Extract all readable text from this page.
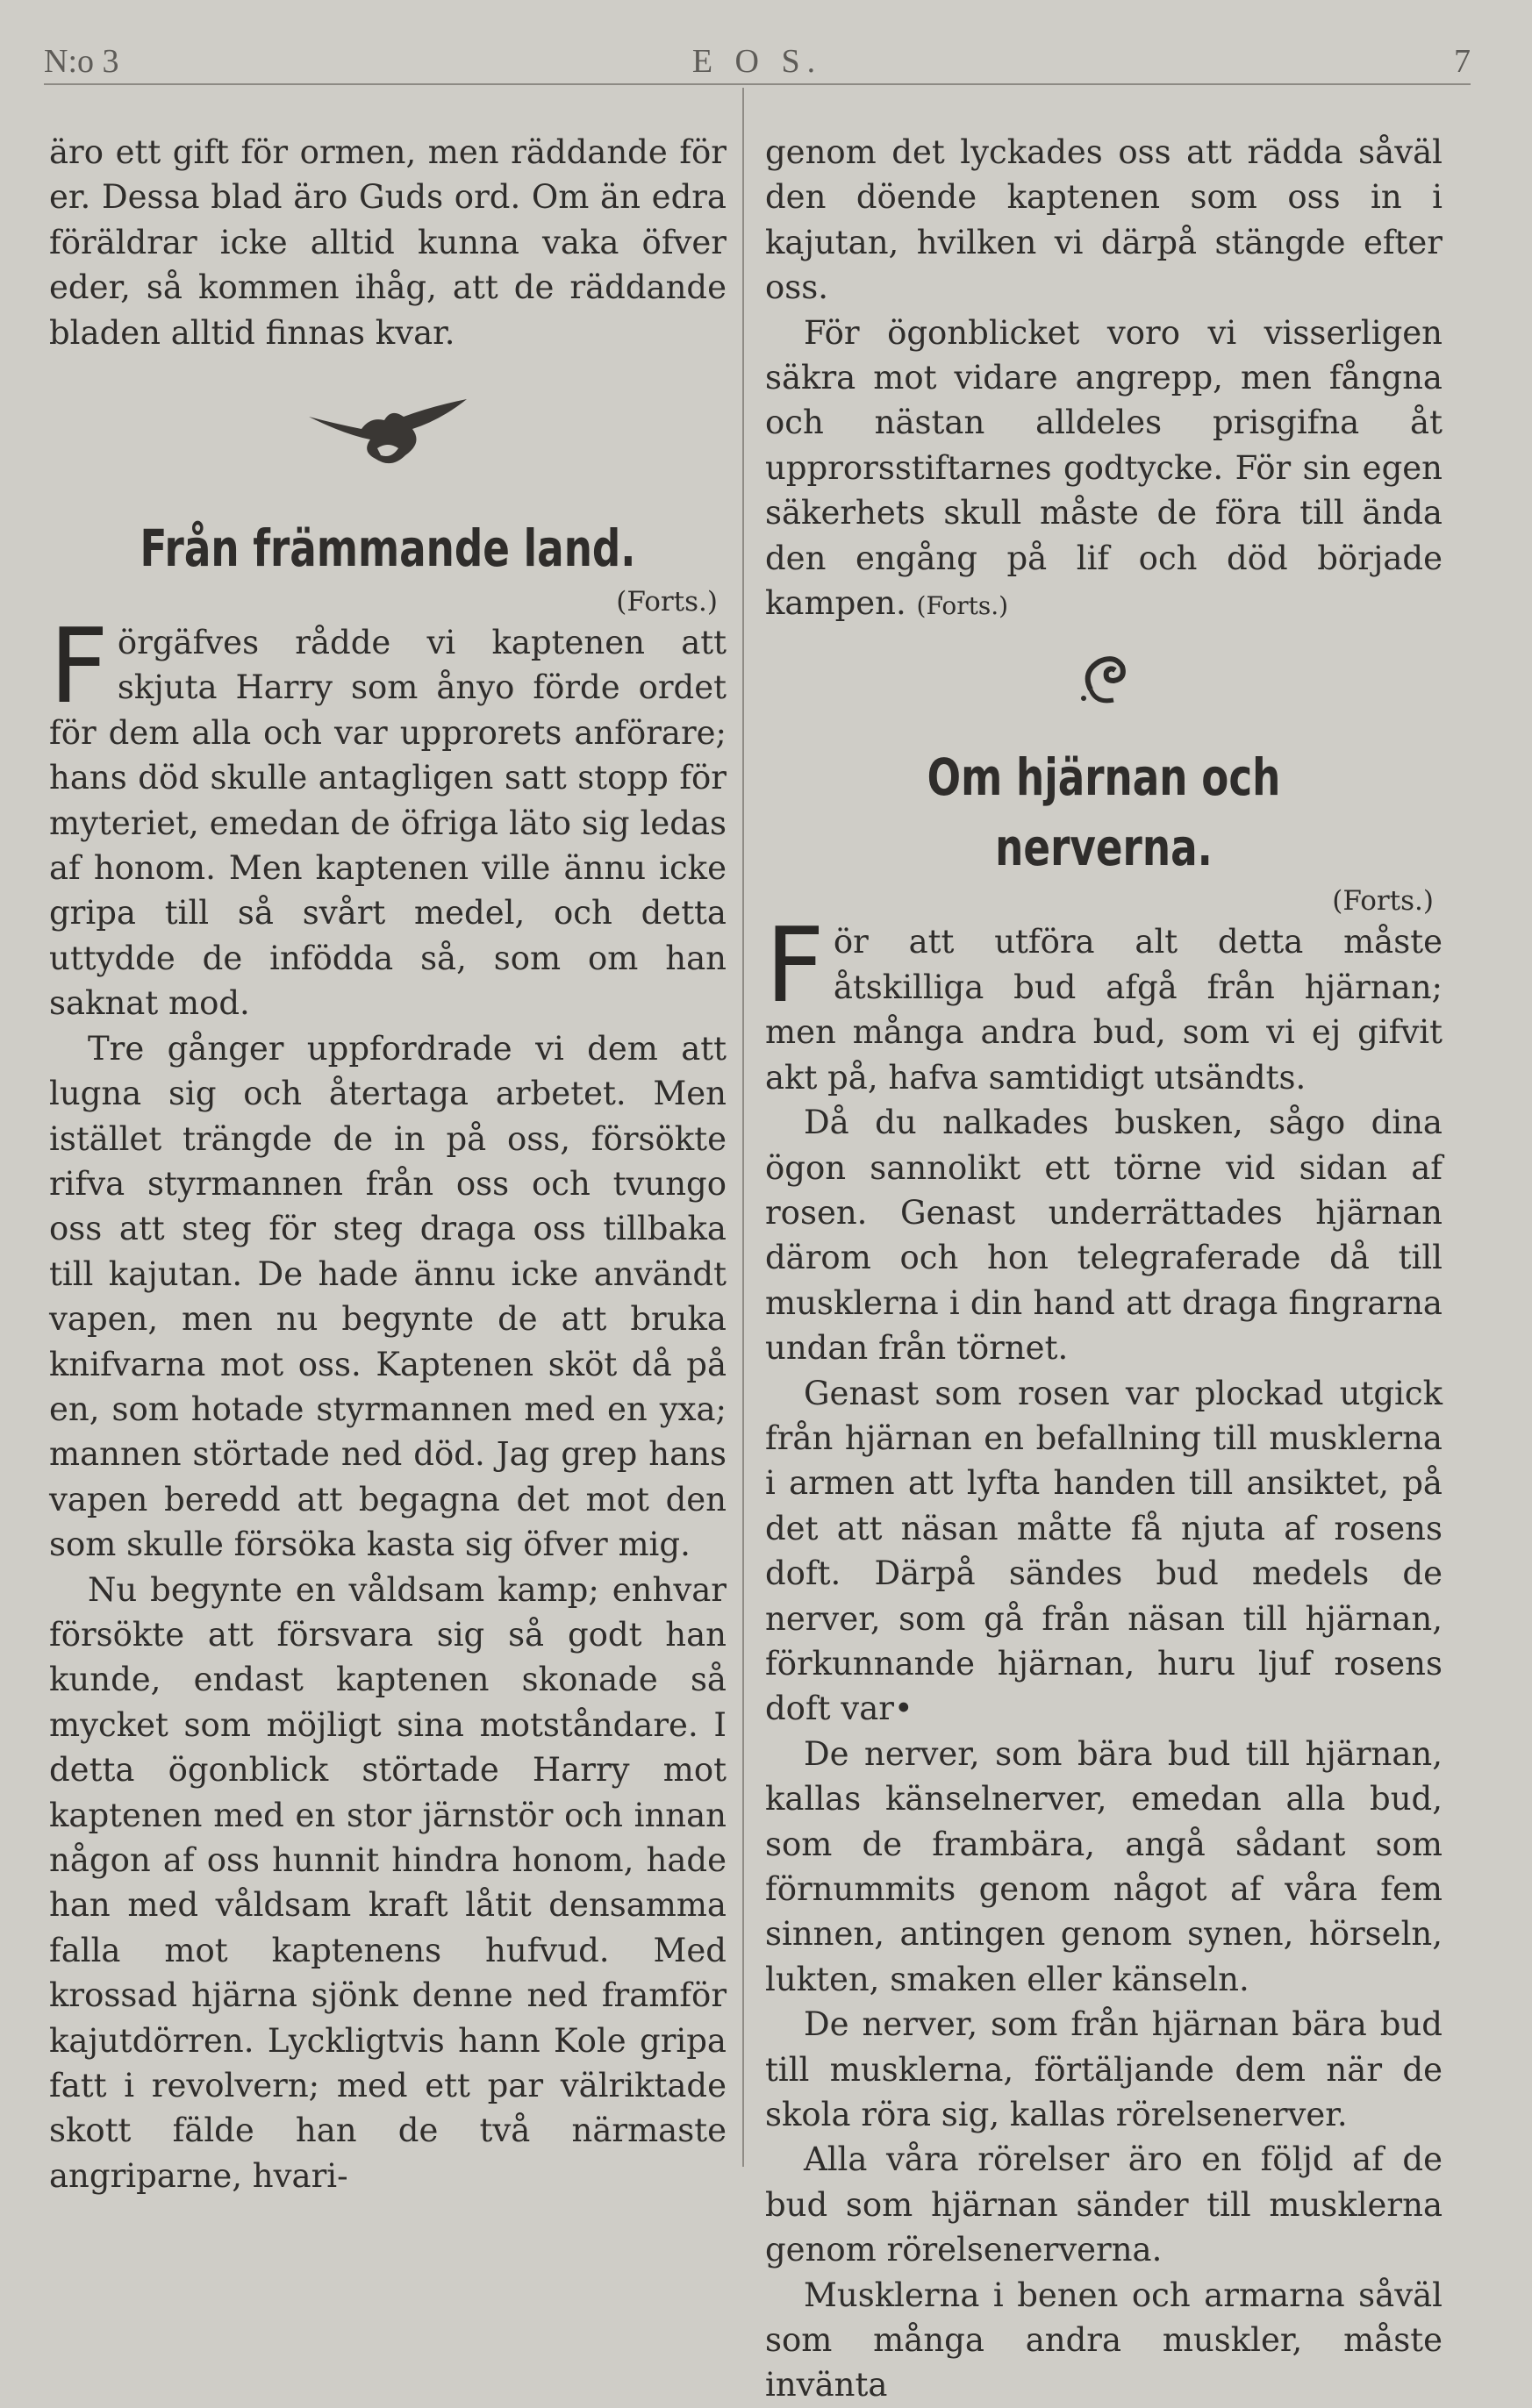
N:o 3	E O S.	7

äro ett gift för ormen, men räddande för er. Dessa blad äro Guds ord. Om än edra föräldrar icke alltid kunna vaka öfver eder, så kommen ihåg, att de räddande bladen alltid finnas kvar.

Från främmande land.
(Forts.)

F örgäfves rådde vi kaptenen att skjuta Harry som ånyo förde ordet för dem alla och var upprorets anförare; hans död skulle antagligen satt stopp för myteriet, emedan de öfriga läto sig ledas af honom. Men kaptenen ville ännu icke gripa till så svårt medel, och detta uttydde de infödda så, som om han saknat mod.

Tre gånger uppfordrade vi dem att lugna sig och återtaga arbetet. Men istället trängde de in på oss, försökte rifva styrmannen från oss och tvungo oss att steg för steg draga oss tillbaka till kajutan. De hade ännu icke användt vapen, men nu begynte de att bruka knifvarna mot oss. Kaptenen sköt då på en, som hotade styrmannen med en yxa; mannen störtade ned död. Jag grep hans vapen beredd att begagna det mot den som skulle försöka kasta sig öfver mig.

Nu begynte en våldsam kamp; enhvar försökte att försvara sig så godt han kunde, endast kaptenen skonade så mycket som möjligt sina motståndare. I detta ögonblick störtade Harry mot kaptenen med en stor järnstör och innan någon af oss hunnit hindra honom, hade han med våldsam kraft låtit densamma falla mot kaptenens hufvud. Med krossad hjärna sjönk denne ned framför kajutdörren. Lyckligtvis hann Kole gripa fatt i revolvern; med ett par välriktade skott fälde han de två närmaste angriparne, hvari-

genom det lyckades oss att rädda såväl den döende kaptenen som oss in i kajutan, hvilken vi därpå stängde efter oss.

För ögonblicket voro vi visserligen säkra mot vidare angrepp, men fångna och nästan alldeles prisgifna åt upprorsstiftarnes godtycke. För sin egen säkerhets skull måste de föra till ända den engång på lif och död började kampen. (Forts.)

Om hjärnan och nerverna.
(Forts.)

F ör att utföra alt detta måste åtskilliga bud afgå från hjärnan; men många andra bud, som vi ej gifvit akt på, hafva samtidigt utsändts.

Då du nalkades busken, sågo dina ögon sannolikt ett törne vid sidan af rosen. Genast underrättades hjärnan därom och hon telegraferade då till musklerna i din hand att draga fingrarna undan från törnet.

Genast som rosen var plockad utgick från hjärnan en befallning till musklerna i armen att lyfta handen till ansiktet, på det att näsan måtte få njuta af rosens doft. Därpå sändes bud medels de nerver, som gå från näsan till hjärnan, förkunnande hjärnan, huru ljuf rosens doft var•

De nerver, som bära bud till hjärnan, kallas känselnerver, emedan alla bud, som de frambära, angå sådant som förnummits genom något af våra fem sinnen, antingen genom synen, hörseln, lukten, smaken eller känseln.

De nerver, som från hjärnan bära bud till musklerna, förtäljande dem när de skola röra sig, kallas rörelsenerver.

Alla våra rörelser äro en följd af de bud som hjärnan sänder till musklerna genom rörelsenerverna.

Musklerna i benen och armarna såväl som många andra muskler, måste invänta
